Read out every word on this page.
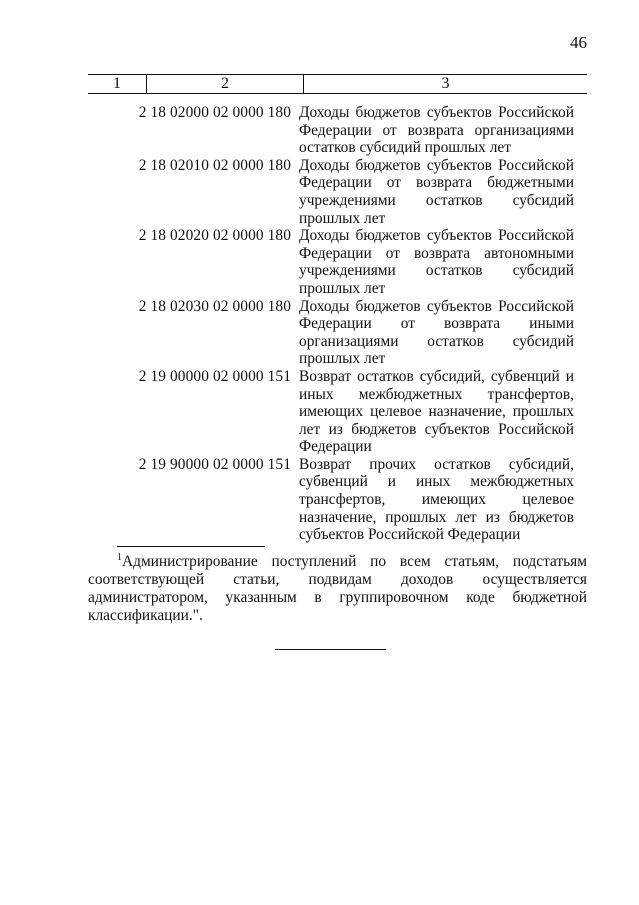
46
1	2	3
2 18 02000 02 0000 180 Доходы бюджетов субъектов Российской Федерации от возврата организациями остатков субсидий прошлых лет
2 18 02010 02 0000 180 Доходы бюджетов субъектов Российской Федерации от возврата бюджетными учреждениями остатков субсидий прошлых лет
2 18 02020 02 0000 180 Доходы бюджетов субъектов Российской Федерации от возврата автономными учреждениями остатков субсидий прошлых лет
2 18 02030 02 0000 180 Доходы бюджетов субъектов Российской Федерации от возврата иными организациями остатков субсидий прошлых лет
2 19 00000 02 0000 151 Возврат остатков субсидий, субвенций и иных межбюджетных трансфертов, имеющих целевое назначение, прошлых лет из бюджетов субъектов Российской Федерации
2 19 90000 02 0000 151 Возврат прочих остатков субсидий, субвенций и иных межбюджетных трансфертов, имеющих целевое назначение, прошлых лет из бюджетов субъектов Российской Федерации
$^1$Администрирование поступлений по всем статьям, подстатьям соответствующей статьи, подвидам доходов осуществляется администратором, указанным в группировочном коде бюджетной классификации.".
